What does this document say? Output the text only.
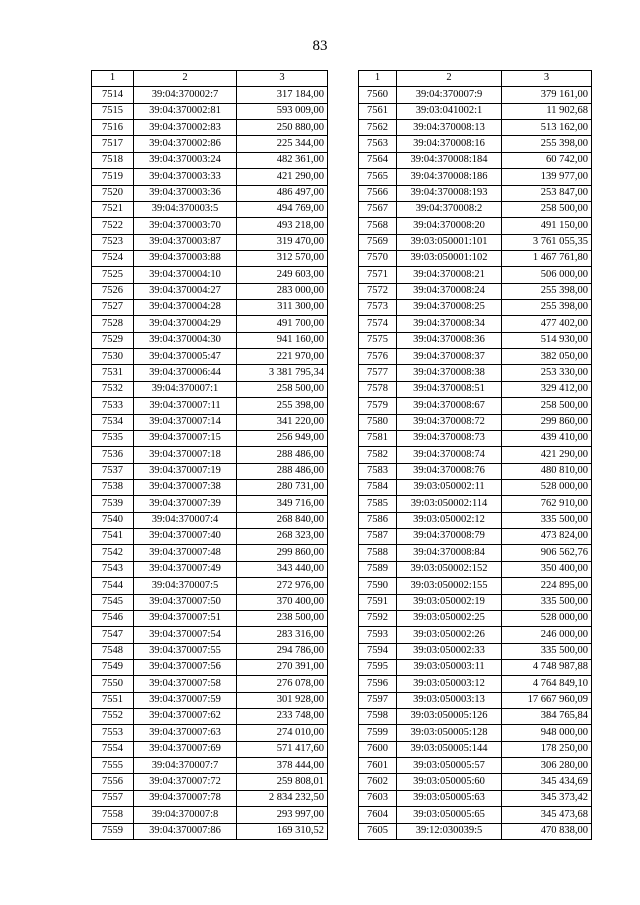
83
1	2	3
7514	39:04:370002:7	317 184,00
7515	39:04:370002:81	593 009,00
7516	39:04:370002:83	250 880,00
7517	39:04:370002:86	225 344,00
7518	39:04:370003:24	482 361,00
7519	39:04:370003:33	421 290,00
7520	39:04:370003:36	486 497,00
7521	39:04:370003:5	494 769,00
7522	39:04:370003:70	493 218,00
7523	39:04:370003:87	319 470,00
7524	39:04:370003:88	312 570,00
7525	39:04:370004:10	249 603,00
7526	39:04:370004:27	283 000,00
7527	39:04:370004:28	311 300,00
7528	39:04:370004:29	491 700,00
7529	39:04:370004:30	941 160,00
7530	39:04:370005:47	221 970,00
7531	39:04:370006:44	3 381 795,34
7532	39:04:370007:1	258 500,00
7533	39:04:370007:11	255 398,00
7534	39:04:370007:14	341 220,00
7535	39:04:370007:15	256 949,00
7536	39:04:370007:18	288 486,00
7537	39:04:370007:19	288 486,00
7538	39:04:370007:38	280 731,00
7539	39:04:370007:39	349 716,00
7540	39:04:370007:4	268 840,00
7541	39:04:370007:40	268 323,00
7542	39:04:370007:48	299 860,00
7543	39:04:370007:49	343 440,00
7544	39:04:370007:5	272 976,00
7545	39:04:370007:50	370 400,00
7546	39:04:370007:51	238 500,00
7547	39:04:370007:54	283 316,00
7548	39:04:370007:55	294 786,00
7549	39:04:370007:56	270 391,00
7550	39:04:370007:58	276 078,00
7551	39:04:370007:59	301 928,00
7552	39:04:370007:62	233 748,00
7553	39:04:370007:63	274 010,00
7554	39:04:370007:69	571 417,60
7555	39:04:370007:7	378 444,00
7556	39:04:370007:72	259 808,01
7557	39:04:370007:78	2 834 232,50
7558	39:04:370007:8	293 997,00
7559	39:04:370007:86	169 310,52
1	2	3
7560	39:04:370007:9	379 161,00
7561	39:03:041002:1	11 902,68
7562	39:04:370008:13	513 162,00
7563	39:04:370008:16	255 398,00
7564	39:04:370008:184	60 742,00
7565	39:04:370008:186	139 977,00
7566	39:04:370008:193	253 847,00
7567	39:04:370008:2	258 500,00
7568	39:04:370008:20	491 150,00
7569	39:03:050001:101	3 761 055,35
7570	39:03:050001:102	1 467 761,80
7571	39:04:370008:21	506 000,00
7572	39:04:370008:24	255 398,00
7573	39:04:370008:25	255 398,00
7574	39:04:370008:34	477 402,00
7575	39:04:370008:36	514 930,00
7576	39:04:370008:37	382 050,00
7577	39:04:370008:38	253 330,00
7578	39:04:370008:51	329 412,00
7579	39:04:370008:67	258 500,00
7580	39:04:370008:72	299 860,00
7581	39:04:370008:73	439 410,00
7582	39:04:370008:74	421 290,00
7583	39:04:370008:76	480 810,00
7584	39:03:050002:11	528 000,00
7585	39:03:050002:114	762 910,00
7586	39:03:050002:12	335 500,00
7587	39:04:370008:79	473 824,00
7588	39:04:370008:84	906 562,76
7589	39:03:050002:152	350 400,00
7590	39:03:050002:155	224 895,00
7591	39:03:050002:19	335 500,00
7592	39:03:050002:25	528 000,00
7593	39:03:050002:26	246 000,00
7594	39:03:050002:33	335 500,00
7595	39:03:050003:11	4 748 987,88
7596	39:03:050003:12	4 764 849,10
7597	39:03:050003:13	17 667 960,09
7598	39:03:050005:126	384 765,84
7599	39:03:050005:128	948 000,00
7600	39:03:050005:144	178 250,00
7601	39:03:050005:57	306 280,00
7602	39:03:050005:60	345 434,69
7603	39:03:050005:63	345 373,42
7604	39:03:050005:65	345 473,68
7605	39:12:030039:5	470 838,00
